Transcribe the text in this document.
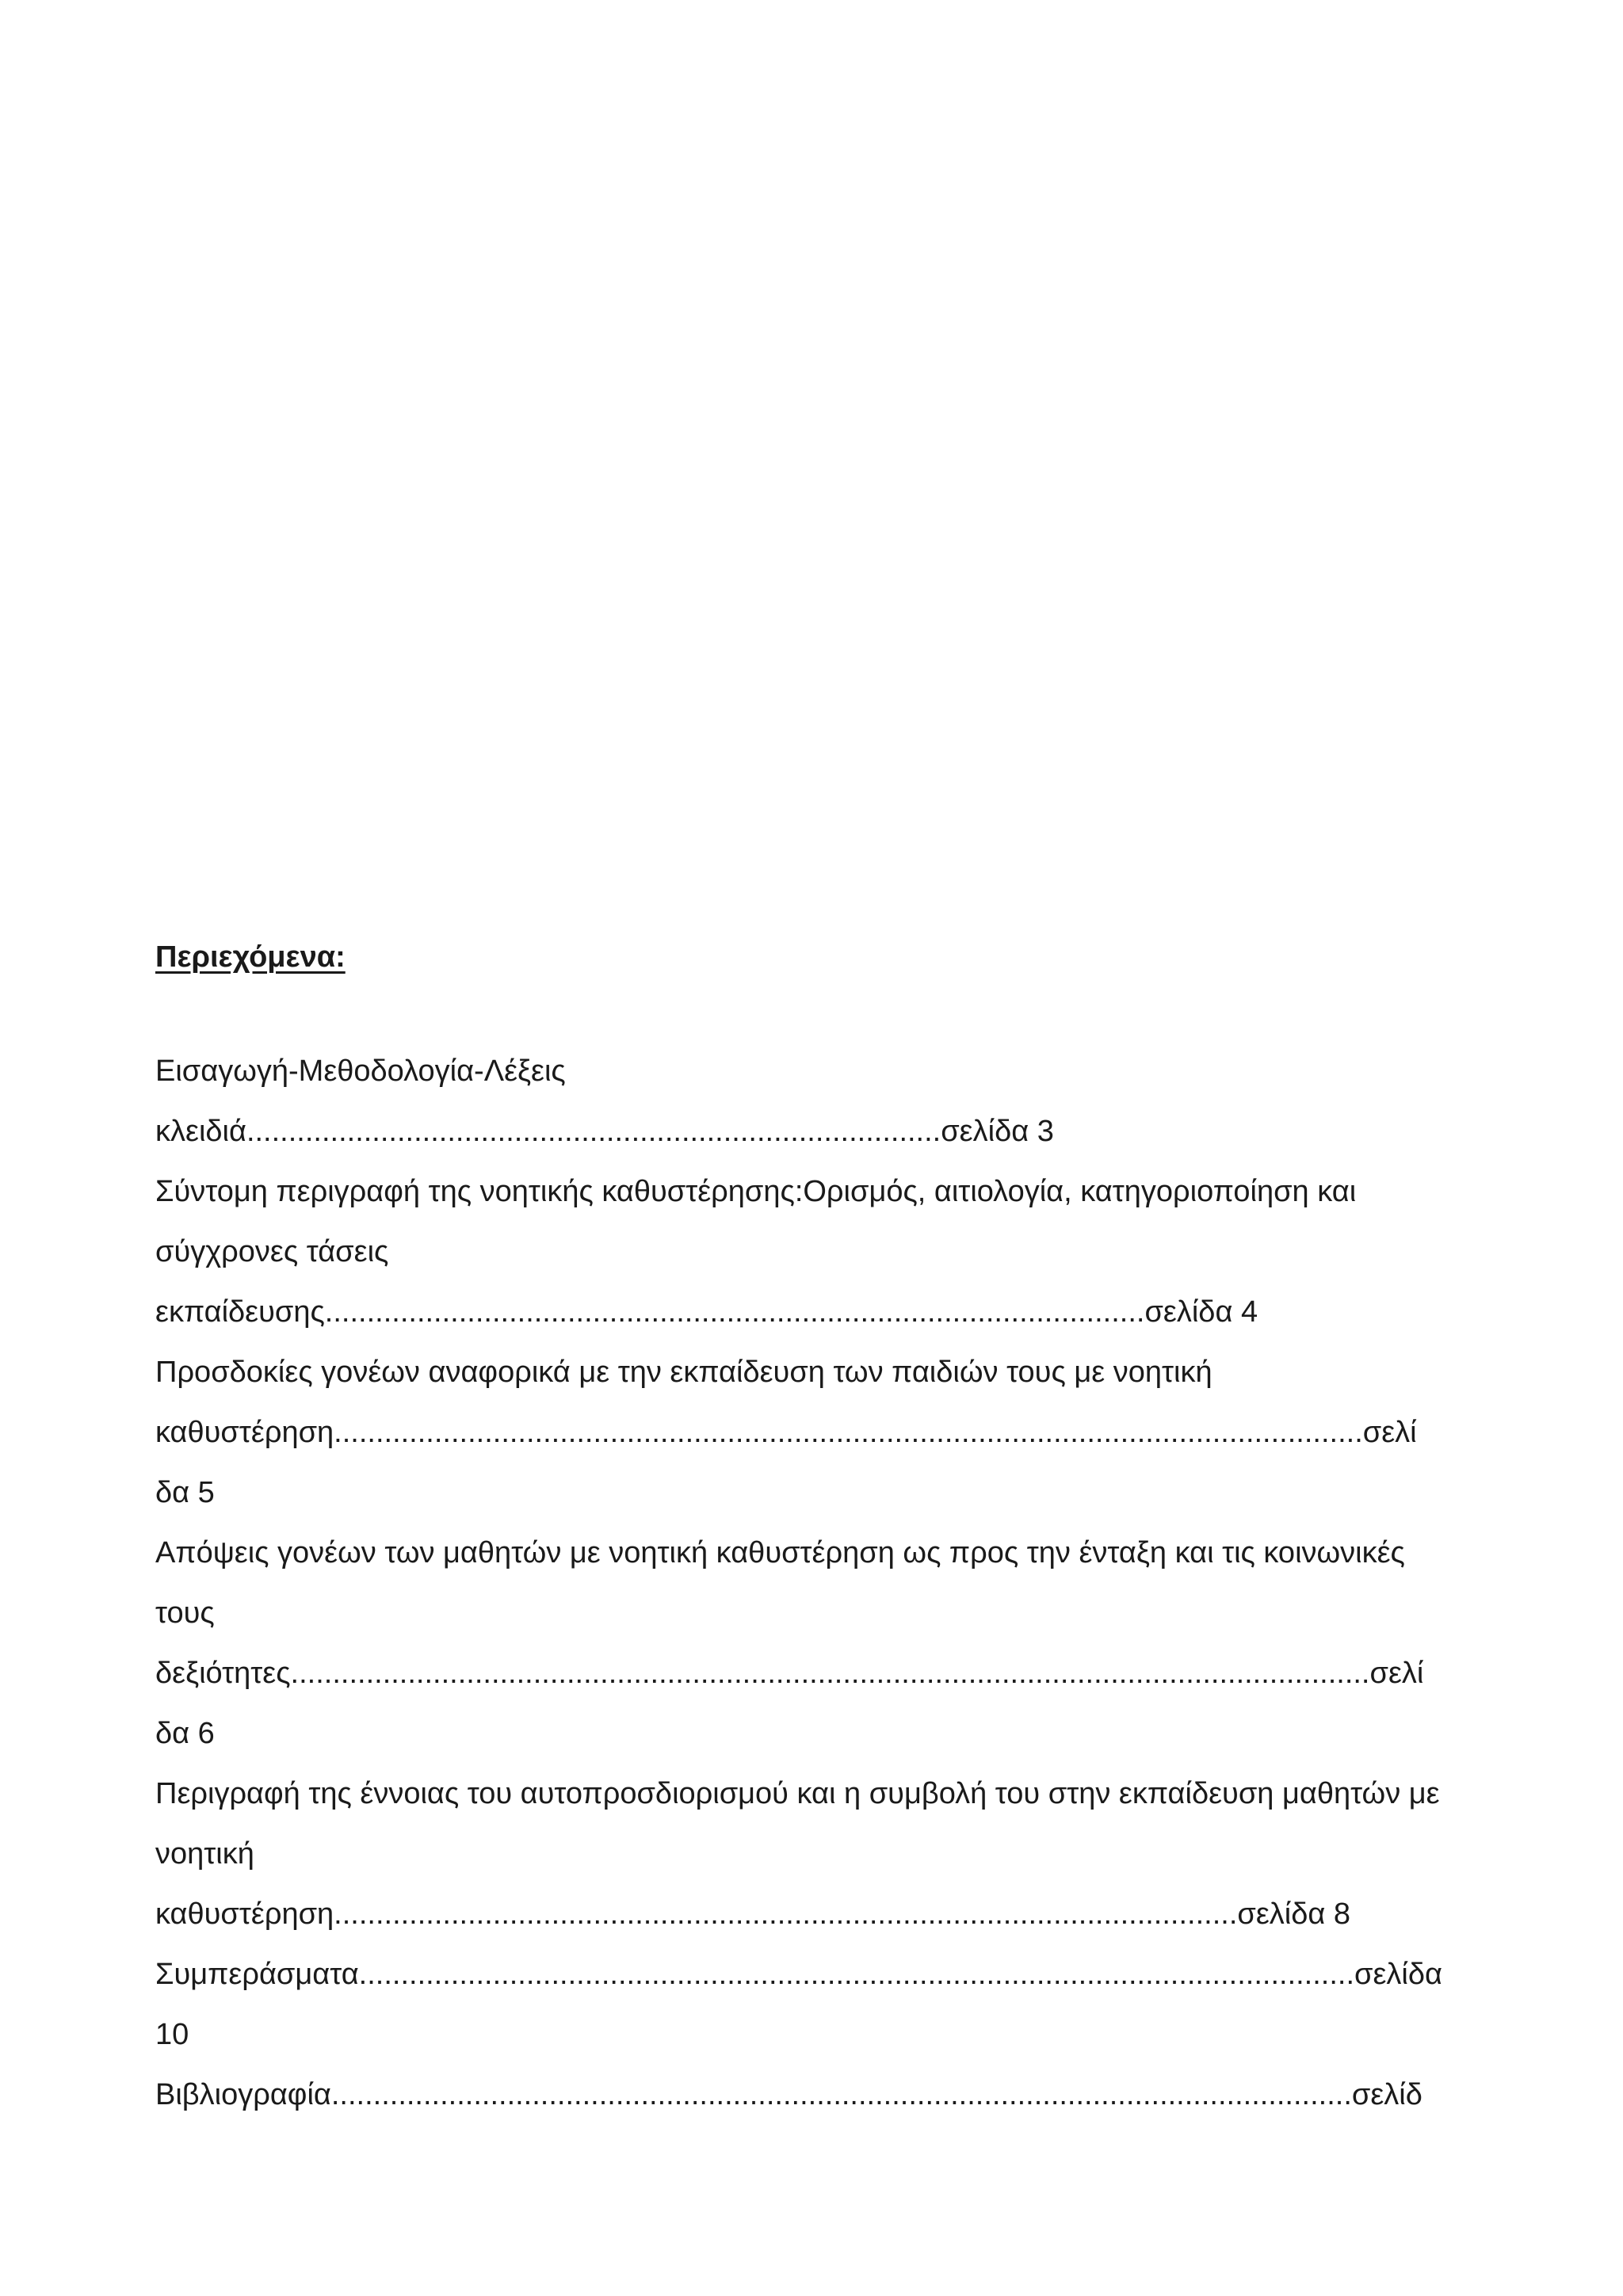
Περιεχόμενα:

Εισαγωγή-Μεθοδολογία-Λέξεις

κλειδιά...................................................................................σελίδα 3

Σύντομη περιγραφή της νοητικής καθυστέρησης:Ορισμός, αιτιολογία, κατηγοριοποίηση και

σύγχρονες τάσεις

εκπαίδευσης..................................................................................................σελίδα 4

Προσδοκίες γονέων αναφορικά με την εκπαίδευση των παιδιών τους με νοητική

καθυστέρηση...........................................................................................................................σελί

δα 5

Απόψεις γονέων των μαθητών με νοητική καθυστέρηση ως προς την ένταξη και τις κοινωνικές

τους

δεξιότητες.................................................................................................................................σελί

δα 6

Περιγραφή της έννοιας του αυτοπροσδιορισμού και η συμβολή του στην εκπαίδευση μαθητών με

νοητική

καθυστέρηση............................................................................................................σελίδα 8

Συμπεράσματα.......................................................................................................................σελίδα

10

Βιβλιογραφία..........................................................................................................................σελίδ
